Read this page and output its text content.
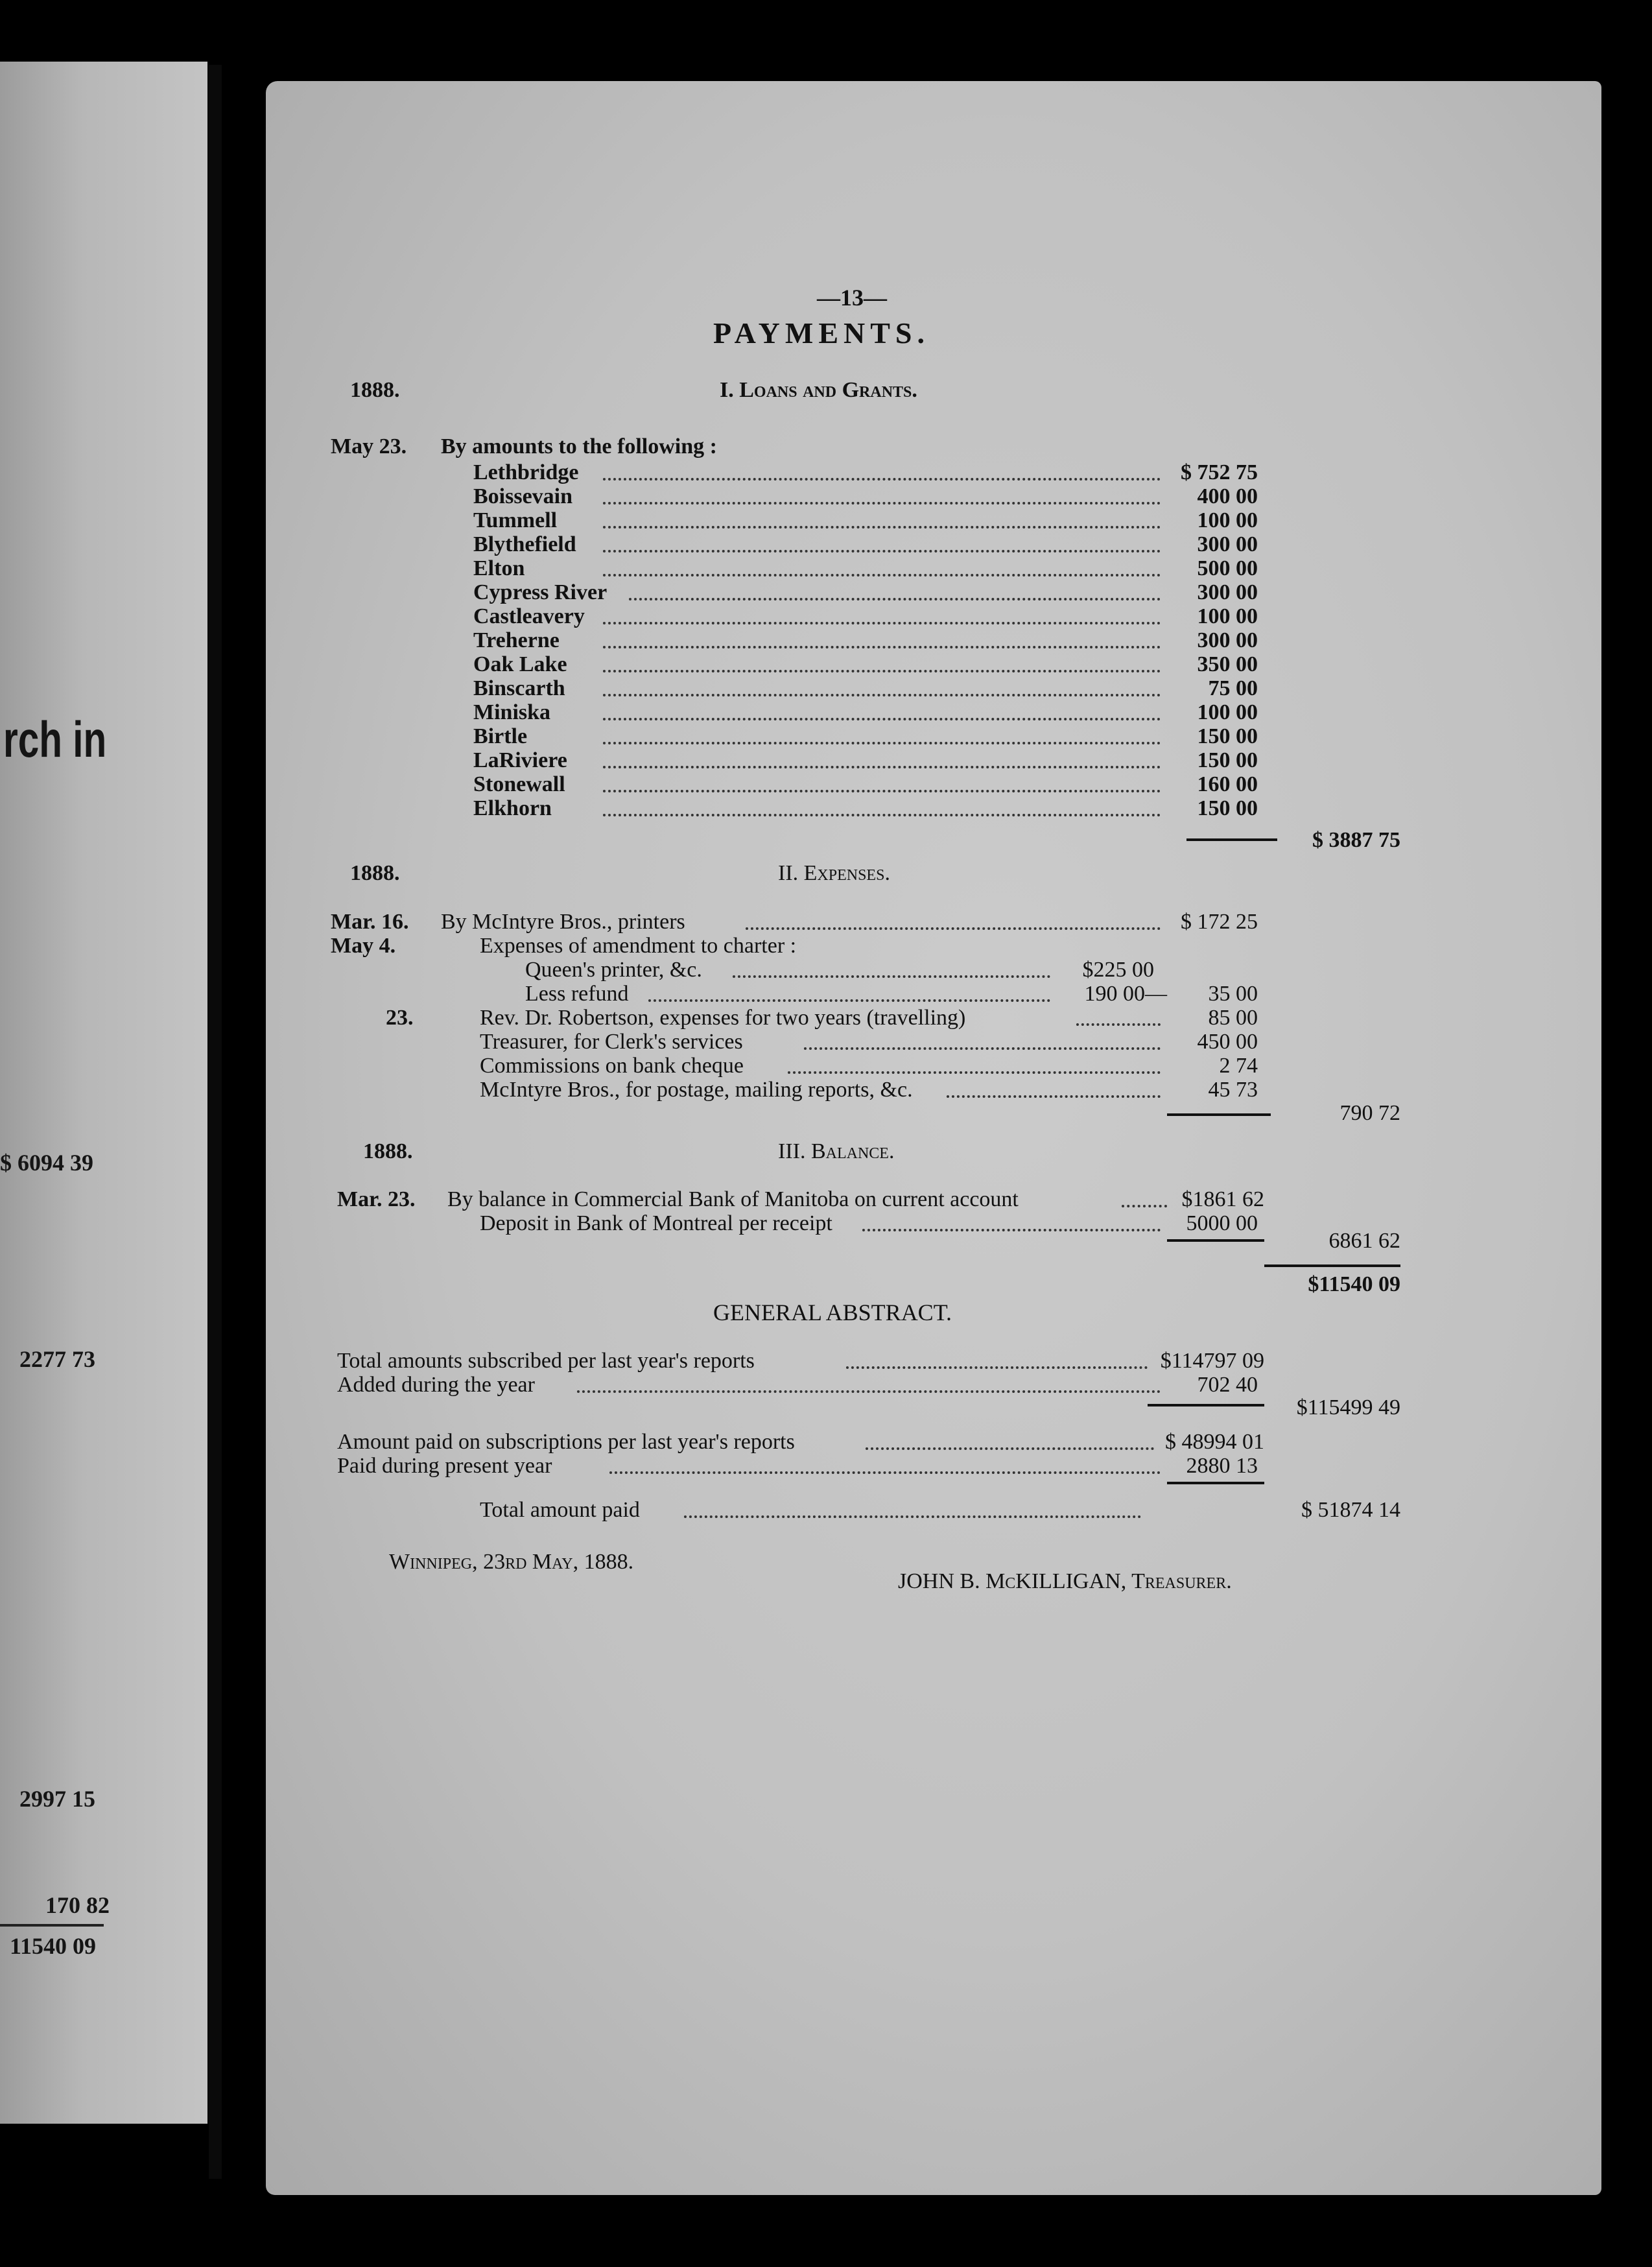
rch in
$ 6094 39
2277 73
2997 15
170 82
11540 09
—13—
PAYMENTS.
1888.	I. Loans and Grants.
May 23. By amounts to the following :
Lethbridge	$ 752 75
Boissevain	400 00
Tummell	100 00
Blythefield	300 00
Elton	500 00
Cypress River	300 00
Castleavery	100 00
Treherne	300 00
Oak Lake	350 00
Binscarth	75 00
Miniska	100 00
Birtle	150 00
LaRiviere	150 00
Stonewall	160 00
Elkhorn	150 00
$ 3887 75
1888.	II. Expenses.
Mar. 16. By McIntyre Bros., printers	$ 172 25
May 4.	Expenses of amendment to charter :
Queen's printer, &c.	$225 00
Less refund	190 00—	35 00
23.	Rev. Dr. Robertson, expenses for two years (travelling)	85 00
Treasurer, for Clerk's services	450 00
Commissions on bank cheque	2 74
McIntyre Bros., for postage, mailing reports, &c.	45 73
790 72
1888.	III. Balance.
Mar. 23. By balance in Commercial Bank of Manitoba on current account	$1861 62
Deposit in Bank of Montreal per receipt	5000 00
6861 62
$11540 09
GENERAL ABSTRACT.
Total amounts subscribed per last year's reports	$114797 09
Added during the year	702 40
$115499 49
Amount paid on subscriptions per last year's reports	$ 48994 01
Paid during present year	2880 13
Total amount paid	$ 51874 14
Winnipeg, 23rd May, 1888.
JOHN B. McKILLIGAN, Treasurer.
